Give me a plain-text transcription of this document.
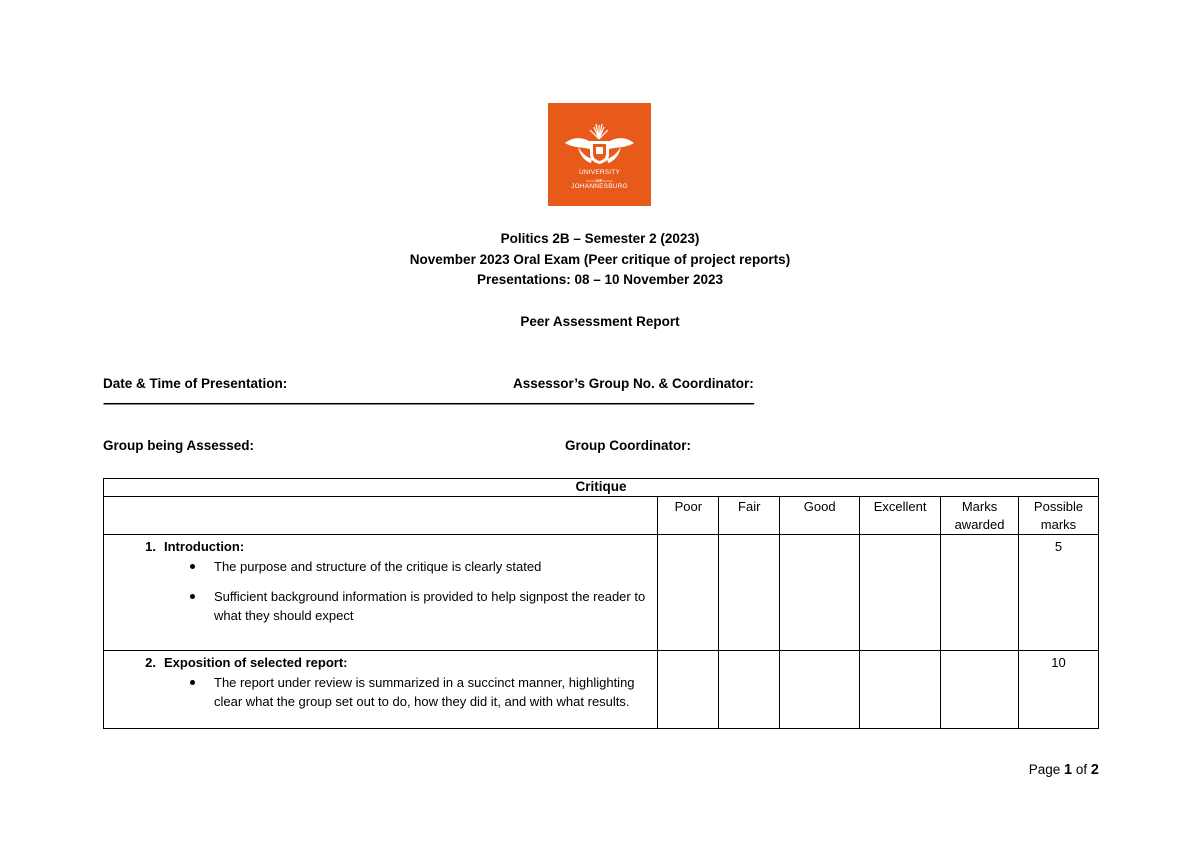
UNIVERSITY
OF
JOHANNESBURG
Politics 2B – Semester 2 (2023)
November 2023 Oral Exam (Peer critique of project reports)
Presentations: 08 – 10 November 2023
Peer Assessment Report
Date & Time of Presentation:	Assessor’s Group No. & Coordinator:
------------------------------------------------------------------------------------------------------------------------------------------------------------------------------------------------------------------------------
Group being Assessed:	Group Coordinator:
Critique						
	Poor	Fair	Good	Excellent	Marks awarded	Possible marks

1. Introduction:
The purpose and structure of the critique is clearly stated
Sufficient background information is provided to help signpost the reader to what they should expect						5

2. Exposition of selected report:
The report under review is summarized in a succinct manner, highlighting clear what the group set out to do, how they did it, and with what results.						10
Page 1 of 2
